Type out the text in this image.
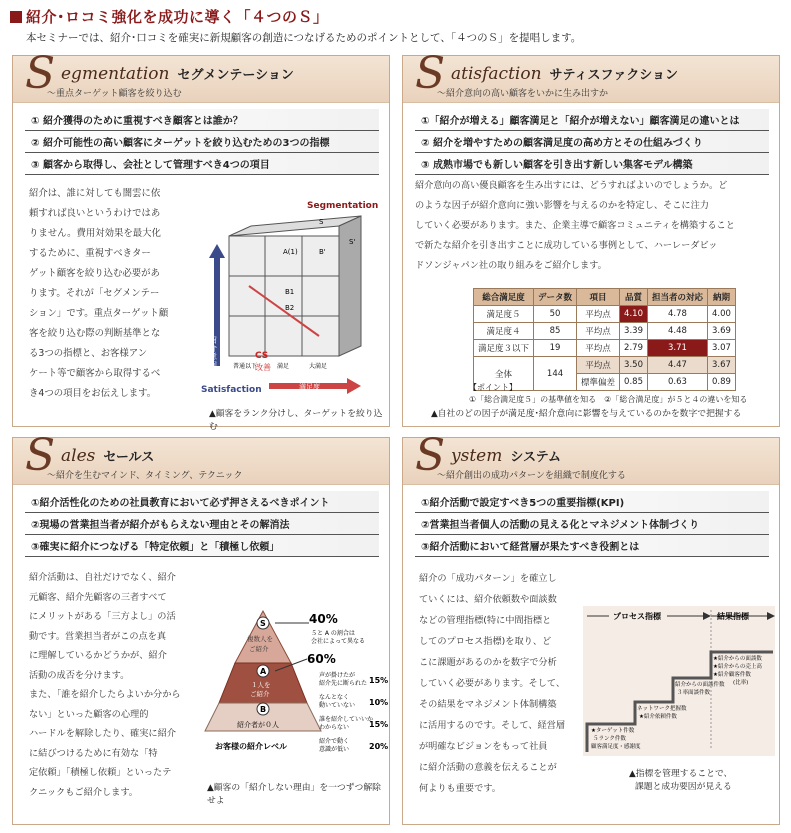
紹介･ロコミ強化を成功に導く「４つのＳ」
本セミナーでは、紹介･口コミを確実に新規顧客の創造につなげるためのポイントとして、「４つのＳ」を提唱します。
S egmentation セグメンテーション
～重点ターゲット顧客を絞り込む
① 紹介獲得のために重視すべき顧客とは誰か？
② 紹介可能性の高い顧客にターゲットを絞り込むための3つの指標
③ 顧客から取得し、会社として管理すべき4つの項目
紹介は、誰に対しても闇雲に依
頼すれば良いというわけではあ
りません。費用対効果を最大化
するために、重視すべきター
ゲット顧客を絞り込む必要があ
ります。それが「セグメンテー
ション」です。重点ターゲット顧
客を絞り込む際の判断基準とな
る3つの指標と、お客様アン
ケート等で顧客から取得するべ
き4つの項目をお伝えします。
Segmentation
A(1)
B1
B2
B'
S
S'
CS
改善
紹介意向
Satisfaction	満足度
普通以下	満足	大満足
▲顧客をランク分けし、ターゲットを絞り込む
S atisfaction サティスファクション
～紹介意向の高い顧客をいかに生み出すか
①「紹介が増える」顧客満足と「紹介が増えない」顧客満足の違いとは
② 紹介を増やすための顧客満足度の高め方とその仕組みづくり
③ 成熟市場でも新しい顧客を引き出す新しい集客モデル構築
紹介意向の高い優良顧客を生み出すには、どうすればよいのでしょうか。ど
のような因子が紹介意向に強い影響を与えるのかを特定し、そこに注力
していく必要があります。また、企業主導で顧客コミュニティを構築すること
で新たな紹介を引き出すことに成功している事例として、ハーレーダビッ
ドソンジャパン社の取り組みをご紹介します。
総合満足度	データ数	項目	品質	担当者の対応	納期
満足度５	50	平均点	4.10	4.78	4.00
満足度４	85	平均点	3.39	4.48	3.69
満足度３以下	19	平均点	2.79	3.71	3.07
全体	144	平均点	3.50	4.47	3.67
		標準偏差	0.85	0.63	0.89
【ポイント】
①「総合満足度５」の基準値を知る　②「総合満足度」が５と４の違いを知る
▲自社のどの因子が満足度･紹介意向に影響を与えているのかを数字で把握する
S ales セールス
～紹介を生むマインド、タイミング、テクニック
①紹介活性化のための社員教育において必ず押さえるべきポイント
②現場の営業担当者が紹介がもらえない理由とその解消法
③確実に紹介につなげる「特定依頼」と「積極し依頼」
紹介活動は、自社だけでなく、紹介
元顧客、紹介先顧客の三者すべて
にメリットがある「三方よし」の活
動です。営業担当者がこの点を真
に理解しているかどうかが、紹介
活動の成否を分けます。
また、「誰を紹介したらよいか分から
ない」といった顧客の心理的
ハードルを解除したり、確実に紹介
に結びつけるために有効な「特
定依頼」「積極し依頼」といったテ
クニックもご紹介します。
S
複数人を
ご紹介
A
１人を
ご紹介
B
紹介者が０人
お客様の紹介レベル
40%
５と A の割合は
会社によって異なる
60%
声が掛けたが
紹介先に断られた 15%
なんとなく
動いていない 10%
誰を紹介していいか
わからない 15%
紹介で動く
意識が低い 20%
▲顧客の「紹介しない理由」を一つずつ解除せよ
S ystem システム
～紹介創出の成功パターンを組織で制度化する
①紹介活動で設定すべき5つの重要指標(KPI)
②営業担当者個人の活動の見える化とマネジメント体制づくり
③紹介活動において経営層が果たすべき役割とは
紹介の「成功パターン」を確立し
ていくには、紹介依頼数や面談数
などの管理指標(特に中間指標と
してのプロセス指標)を取り、ど
こに課題があるのかを数字で分析
していく必要があります。そして、
その結果をマネジメント体制構築
に活用するのです。そして、経営層
が明確なビジョンをもって社員
に紹介活動の意義を伝えることが
何よりも重要です。
プロセス指標	結果指標
★ターゲット件数
５ランク件数
顧客満足度・感謝度
ネットワーク把握数
★紹介依頼件数
紹介からの面談件数
３率面談件数
★紹介からの面談数
★紹介からの売上高
★紹介顧客件数
(比率)
▲指標を管理することで、
課題と成功要因が見える
